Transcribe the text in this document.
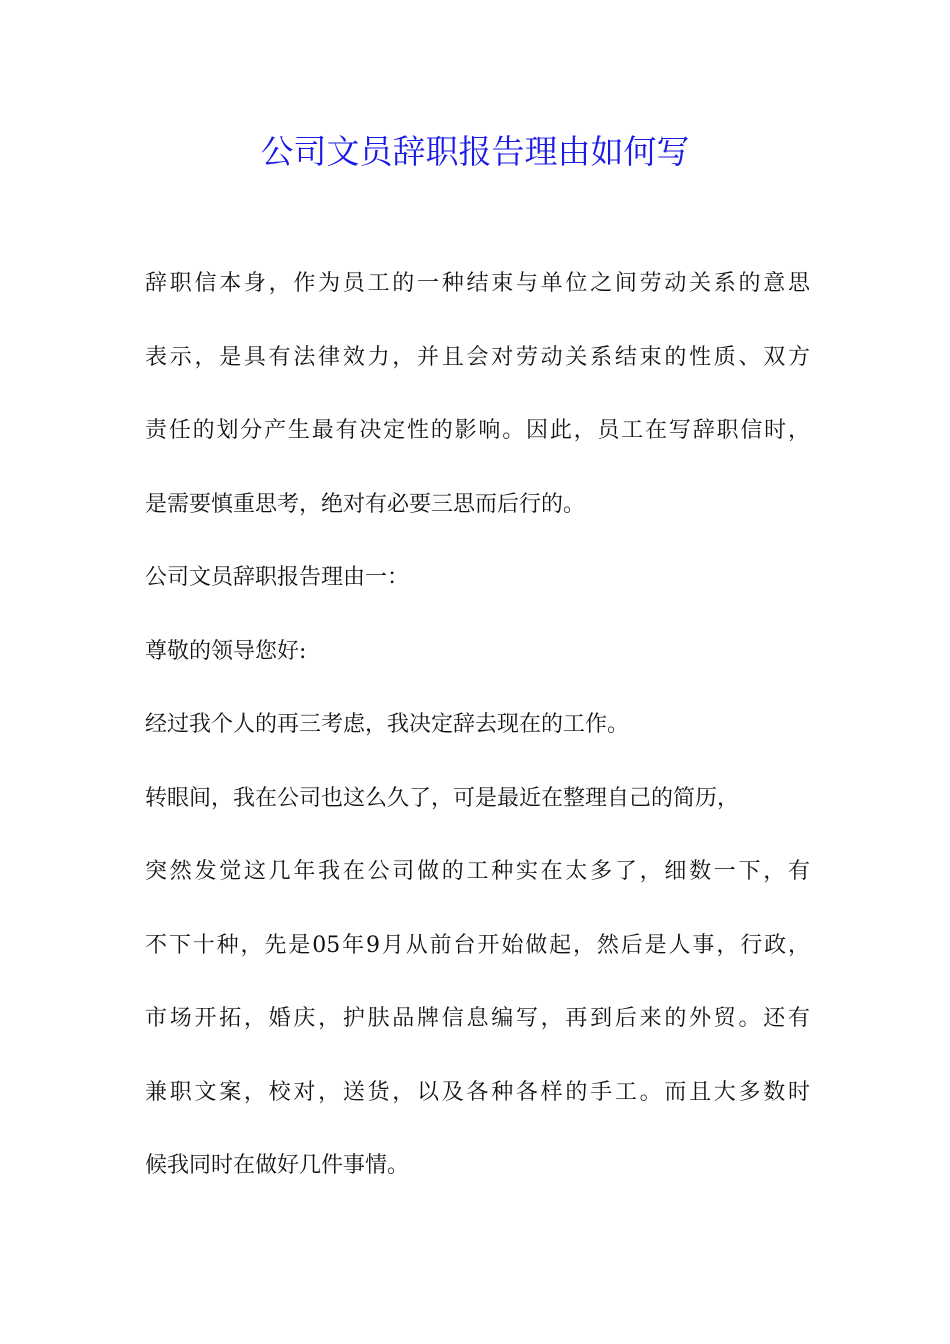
公司文员辞职报告理由如何写
辞职信本身，作为员工的一种结束与单位之间劳动关系的意思
表示，是具有法律效力，并且会对劳动关系结束的性质、双方
责任的划分产生最有决定性的影响。因此，员工在写辞职信时，
是需要慎重思考，绝对有必要三思而后行的。
公司文员辞职报告理由一：
尊敬的领导您好:
经过我个人的再三考虑，我决定辞去现在的工作。
转眼间，我在公司也这么久了，可是最近在整理自己的简历，
突然发觉这几年我在公司做的工种实在太多了，细数一下，有
不下十种，先是05年9月从前台开始做起，然后是人事，行政，
市场开拓，婚庆，护肤品牌信息编写，再到后来的外贸。还有
兼职文案，校对，送货，以及各种各样的手工。而且大多数时
候我同时在做好几件事情。
